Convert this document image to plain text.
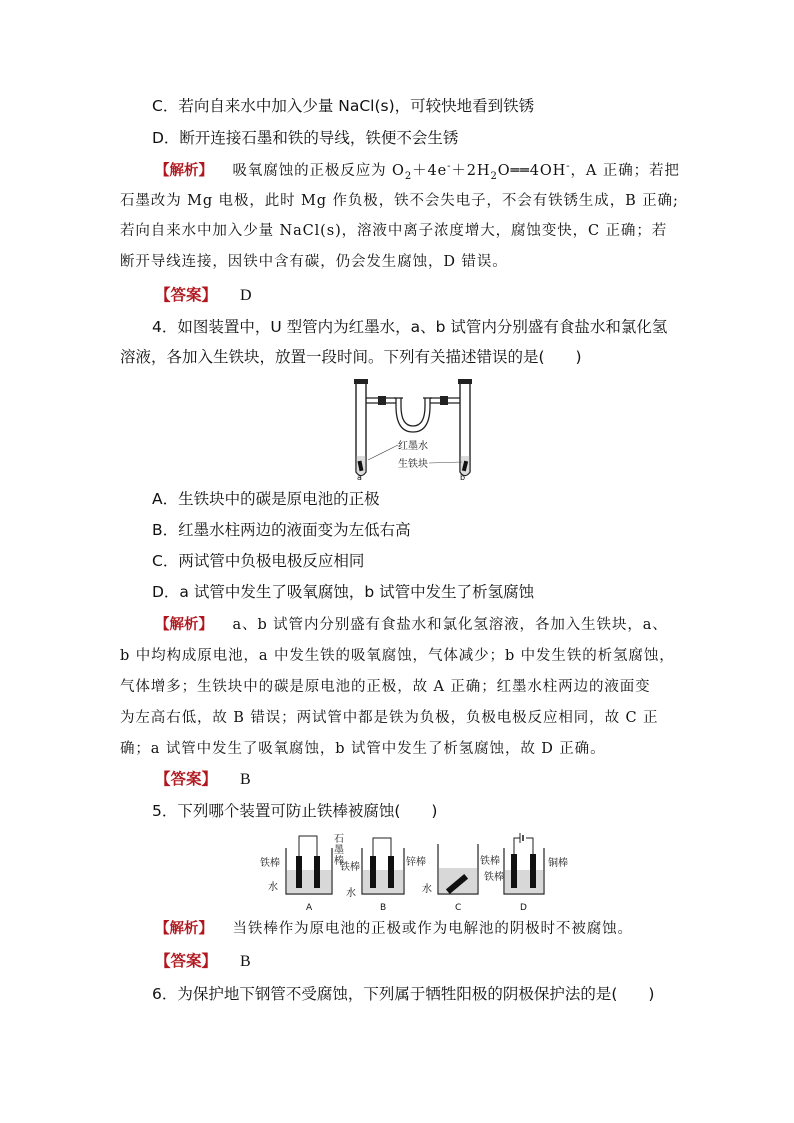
C．若向自来水中加入少量 NaCl(s)，可较快地看到铁锈
D．断开连接石墨和铁的导线，铁便不会生锈
【解析】 吸氧腐蚀的正极反应为 $O_2+4e^-+2H_2O══4OH^-$，A 正确；若把
石墨改为 Mg 电极，此时 Mg 作负极，铁不会失电子，不会有铁锈生成，B 正确;
若向自来水中加入少量 NaCl(s)，溶液中离子浓度增大，腐蚀变快，C 正确；若
断开导线连接，因铁中含有碳，仍会发生腐蚀，D 错误。
【答案】 D
4．如图装置中，U 型管内为红墨水，a、b 试管内分别盛有食盐水和氯化氢
溶液，各加入生铁块，放置一段时间。下列有关描述错误的是(　　)
红墨水
生铁块
a	b
A．生铁块中的碳是原电池的正极
B．红墨水柱两边的液面变为左低右高
C．两试管中负极电极反应相同
D．a 试管中发生了吸氧腐蚀，b 试管中发生了析氢腐蚀
【解析】 a、b 试管内分别盛有食盐水和氯化氢溶液，各加入生铁块，a、
b 中均构成原电池，a 中发生铁的吸氧腐蚀，气体减少；b 中发生铁的析氢腐蚀，
气体增多；生铁块中的碳是原电池的正极，故 A 正确；红墨水柱两边的液面变
为左高右低，故 B 错误；两试管中都是铁为负极，负极电极反应相同，故 C 正
确；a 试管中发生了吸氧腐蚀，b 试管中发生了析氢腐蚀，故 D 正确。
【答案】 B
5．下列哪个装置可防止铁棒被腐蚀(　　)
铁棒
石
墨
棒
水
A
铁棒	锌棒
水
B
水
C
铁棒
铁棒
铜棒
D
【解析】 当铁棒作为原电池的正极或作为电解池的阴极时不被腐蚀。
【答案】 B
6．为保护地下钢管不受腐蚀，下列属于牺牲阳极的阴极保护法的是(　　)
